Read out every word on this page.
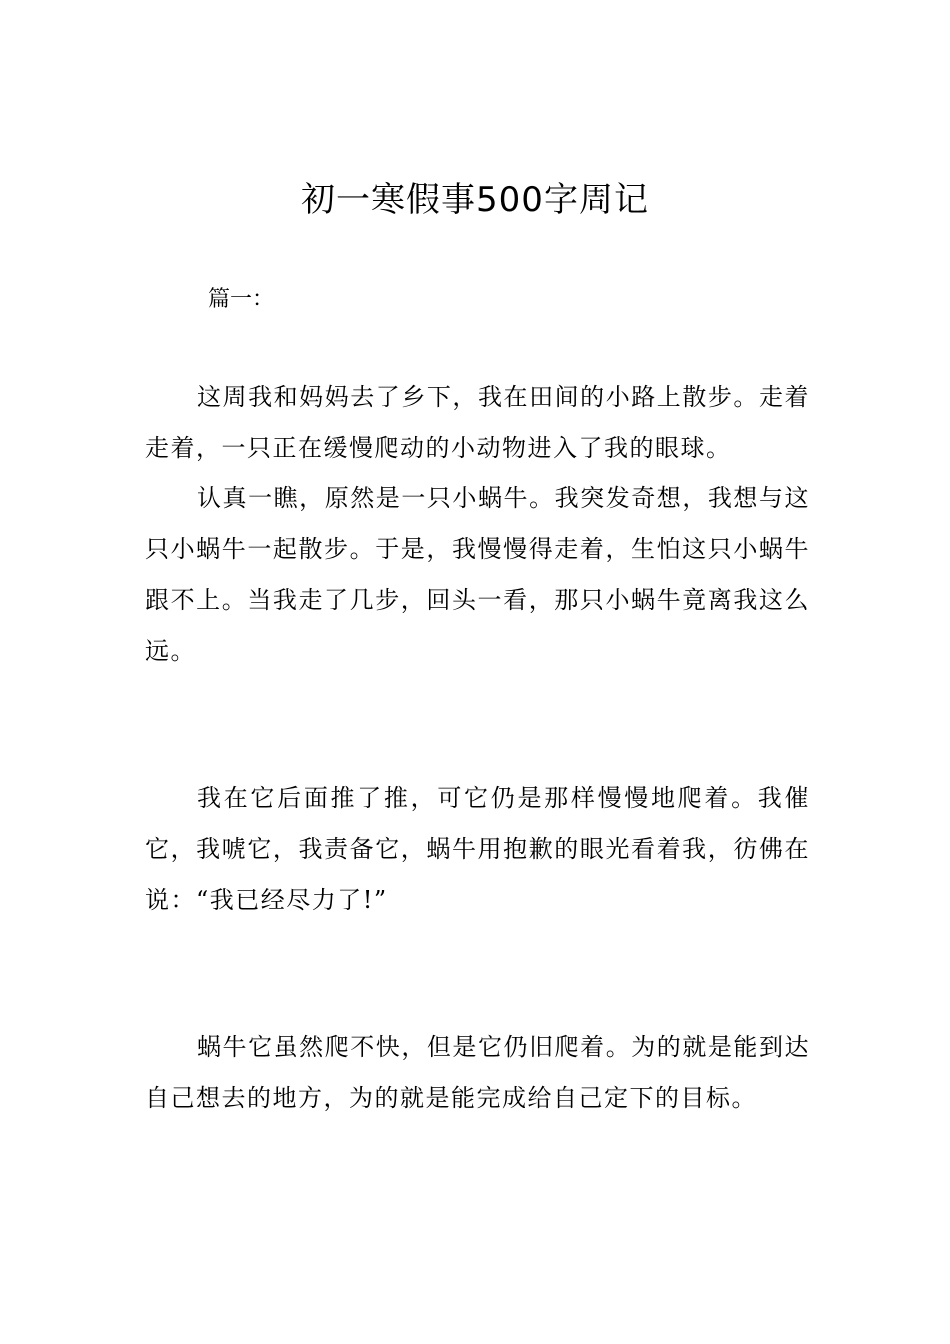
初一寒假事500字周记

篇一：

这周我和妈妈去了乡下，我在田间的小路上散步。走着走着，一只正在缓慢爬动的小动物进入了我的眼球。

认真一瞧，原然是一只小蜗牛。我突发奇想，我想与这只小蜗牛一起散步。于是，我慢慢得走着，生怕这只小蜗牛跟不上。当我走了几步，回头一看，那只小蜗牛竟离我这么远。

我在它后面推了推，可它仍是那样慢慢地爬着。我催它，我唬它，我责备它，蜗牛用抱歉的眼光看着我，彷佛在说：“我已经尽力了!”

蜗牛它虽然爬不快，但是它仍旧爬着。为的就是能到达自己想去的地方，为的就是能完成给自己定下的目标。
